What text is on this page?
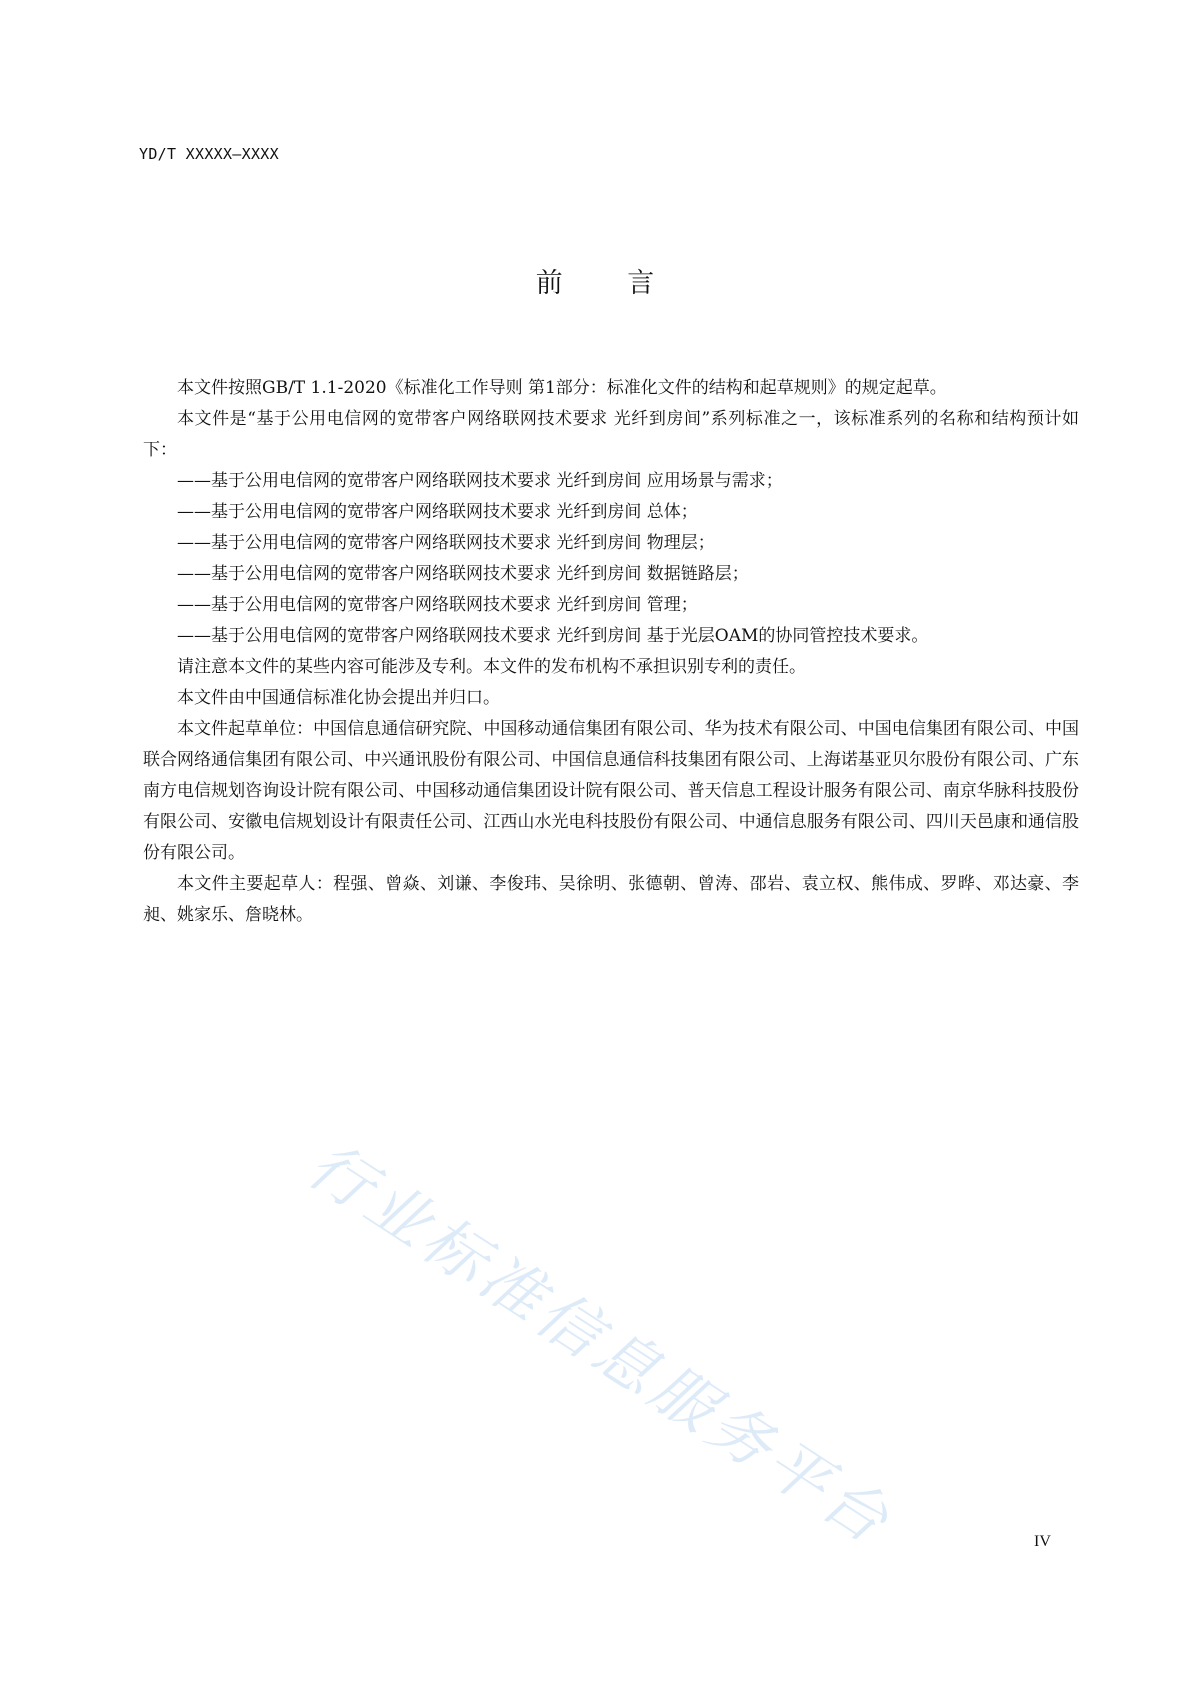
YD/T XXXXX—XXXX
前 言

本文件按照GB/T 1.1-2020《标准化工作导则 第1部分：标准化文件的结构和起草规则》的规定起草。

本文件是“基于公用电信网的宽带客户网络联网技术要求 光纤到房间”系列标准之一，该标准系列的名称和结构预计如下：

——基于公用电信网的宽带客户网络联网技术要求 光纤到房间 应用场景与需求；

——基于公用电信网的宽带客户网络联网技术要求 光纤到房间 总体；

——基于公用电信网的宽带客户网络联网技术要求 光纤到房间 物理层；

——基于公用电信网的宽带客户网络联网技术要求 光纤到房间 数据链路层；

——基于公用电信网的宽带客户网络联网技术要求 光纤到房间 管理；

——基于公用电信网的宽带客户网络联网技术要求 光纤到房间 基于光层OAM的协同管控技术要求。

请注意本文件的某些内容可能涉及专利。本文件的发布机构不承担识别专利的责任。

本文件由中国通信标准化协会提出并归口。

本文件起草单位：中国信息通信研究院、中国移动通信集团有限公司、华为技术有限公司、中国电信集团有限公司、中国联合网络通信集团有限公司、中兴通讯股份有限公司、中国信息通信科技集团有限公司、上海诺基亚贝尔股份有限公司、广东南方电信规划咨询设计院有限公司、中国移动通信集团设计院有限公司、普天信息工程设计服务有限公司、南京华脉科技股份有限公司、安徽电信规划设计有限责任公司、江西山水光电科技股份有限公司、中通信息服务有限公司、四川天邑康和通信股份有限公司。

本文件主要起草人：程强、曾焱、刘谦、李俊玮、吴徐明、张德朝、曾涛、邵岩、袁立权、熊伟成、罗晔、邓达豪、李昶、姚家乐、詹晓林。

行业标准信息服务平台	IV
